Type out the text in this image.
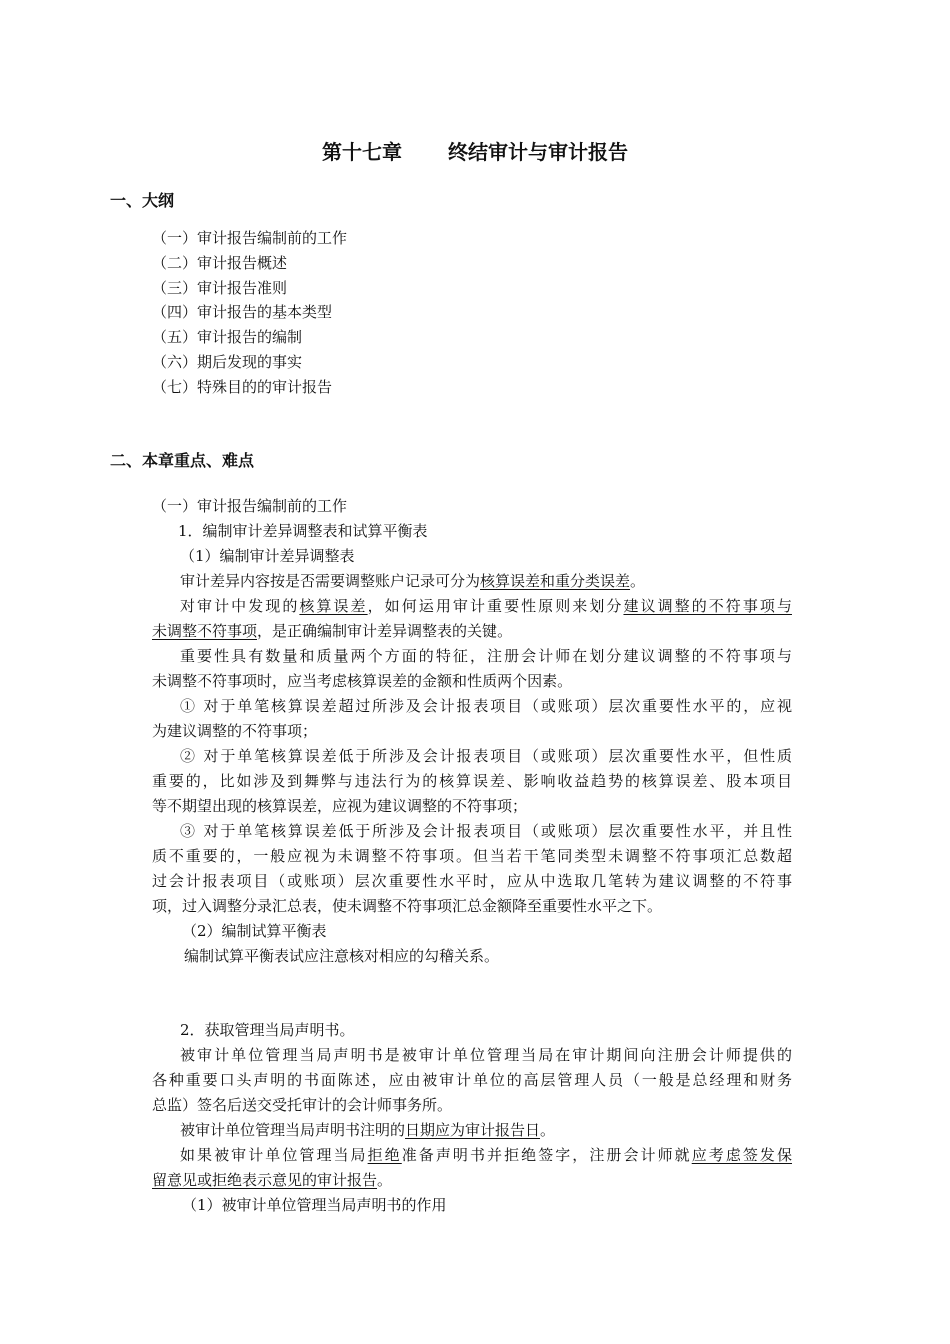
第十七章 终结审计与审计报告
一、大纲
（一）审计报告编制前的工作
（二）审计报告概述
（三）审计报告准则
（四）审计报告的基本类型
（五）审计报告的编制
（六）期后发现的事实
（七）特殊目的的审计报告
二、本章重点、难点
（一）审计报告编制前的工作
1．编制审计差异调整表和试算平衡表
（1）编制审计差异调整表
审计差异内容按是否需要调整账户记录可分为核算误差和重分类误差。
对审计中发现的核算误差，如何运用审计重要性原则来划分建议调整的不符事项与
未调整不符事项，是正确编制审计差异调整表的关键。
重要性具有数量和质量两个方面的特征，注册会计师在划分建议调整的不符事项与
未调整不符事项时，应当考虑核算误差的金额和性质两个因素。
① 对于单笔核算误差超过所涉及会计报表项目（或账项）层次重要性水平的，应视
为建议调整的不符事项；
② 对于单笔核算误差低于所涉及会计报表项目（或账项）层次重要性水平，但性质
重要的，比如涉及到舞弊与违法行为的核算误差、影响收益趋势的核算误差、股本项目
等不期望出现的核算误差，应视为建议调整的不符事项；
③ 对于单笔核算误差低于所涉及会计报表项目（或账项）层次重要性水平，并且性
质不重要的，一般应视为未调整不符事项。但当若干笔同类型未调整不符事项汇总数超
过会计报表项目（或账项）层次重要性水平时，应从中选取几笔转为建议调整的不符事
项，过入调整分录汇总表，使未调整不符事项汇总金额降至重要性水平之下。
（2）编制试算平衡表
编制试算平衡表试应注意核对相应的勾稽关系。
2．获取管理当局声明书。
被审计单位管理当局声明书是被审计单位管理当局在审计期间向注册会计师提供的
各种重要口头声明的书面陈述，应由被审计单位的高层管理人员（一般是总经理和财务
总监）签名后送交受托审计的会计师事务所。
被审计单位管理当局声明书注明的日期应为审计报告日。
如果被审计单位管理当局拒绝准备声明书并拒绝签字，注册会计师就应考虑签发保
留意见或拒绝表示意见的审计报告。
（1）被审计单位管理当局声明书的作用
